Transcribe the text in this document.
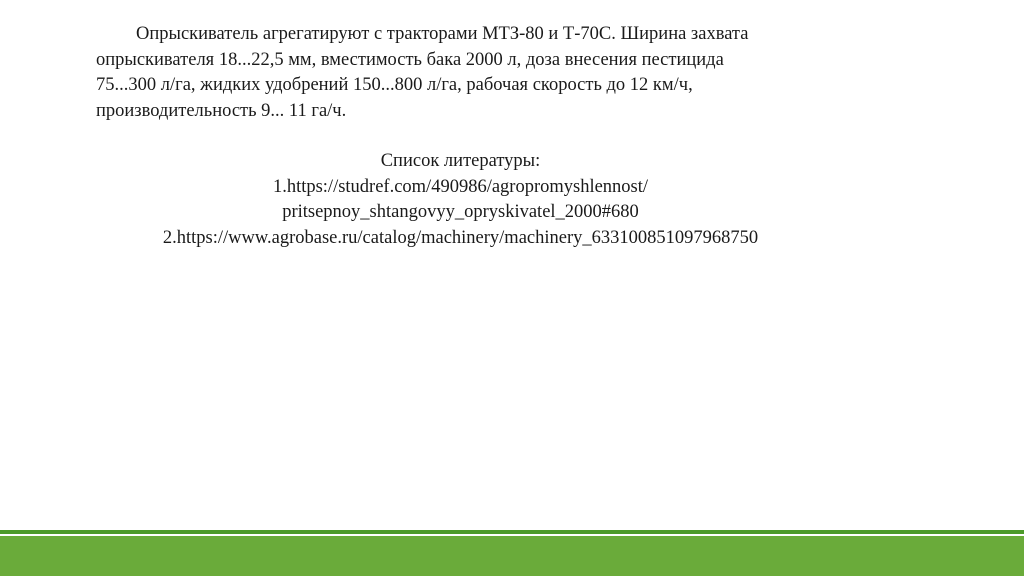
Опрыскиватель агрегатируют с тракторами МТЗ-80 и Т-70С. Ширина захвата
опрыскивателя 18...22,5 мм, вместимость бака 2000 л, доза внесения пестицида
75...300 л/га, жидких удобрений 150...800 л/га, рабочая скорость до 12 км/ч,
производительность 9... 11 га/ч.

Список литературы:
1.https://studref.com/490986/agropromyshlennost/
pritsepnoy_shtangovyy_opryskivatel_2000#680
2.https://www.agrobase.ru/catalog/machinery/machinery_633100851097968750
